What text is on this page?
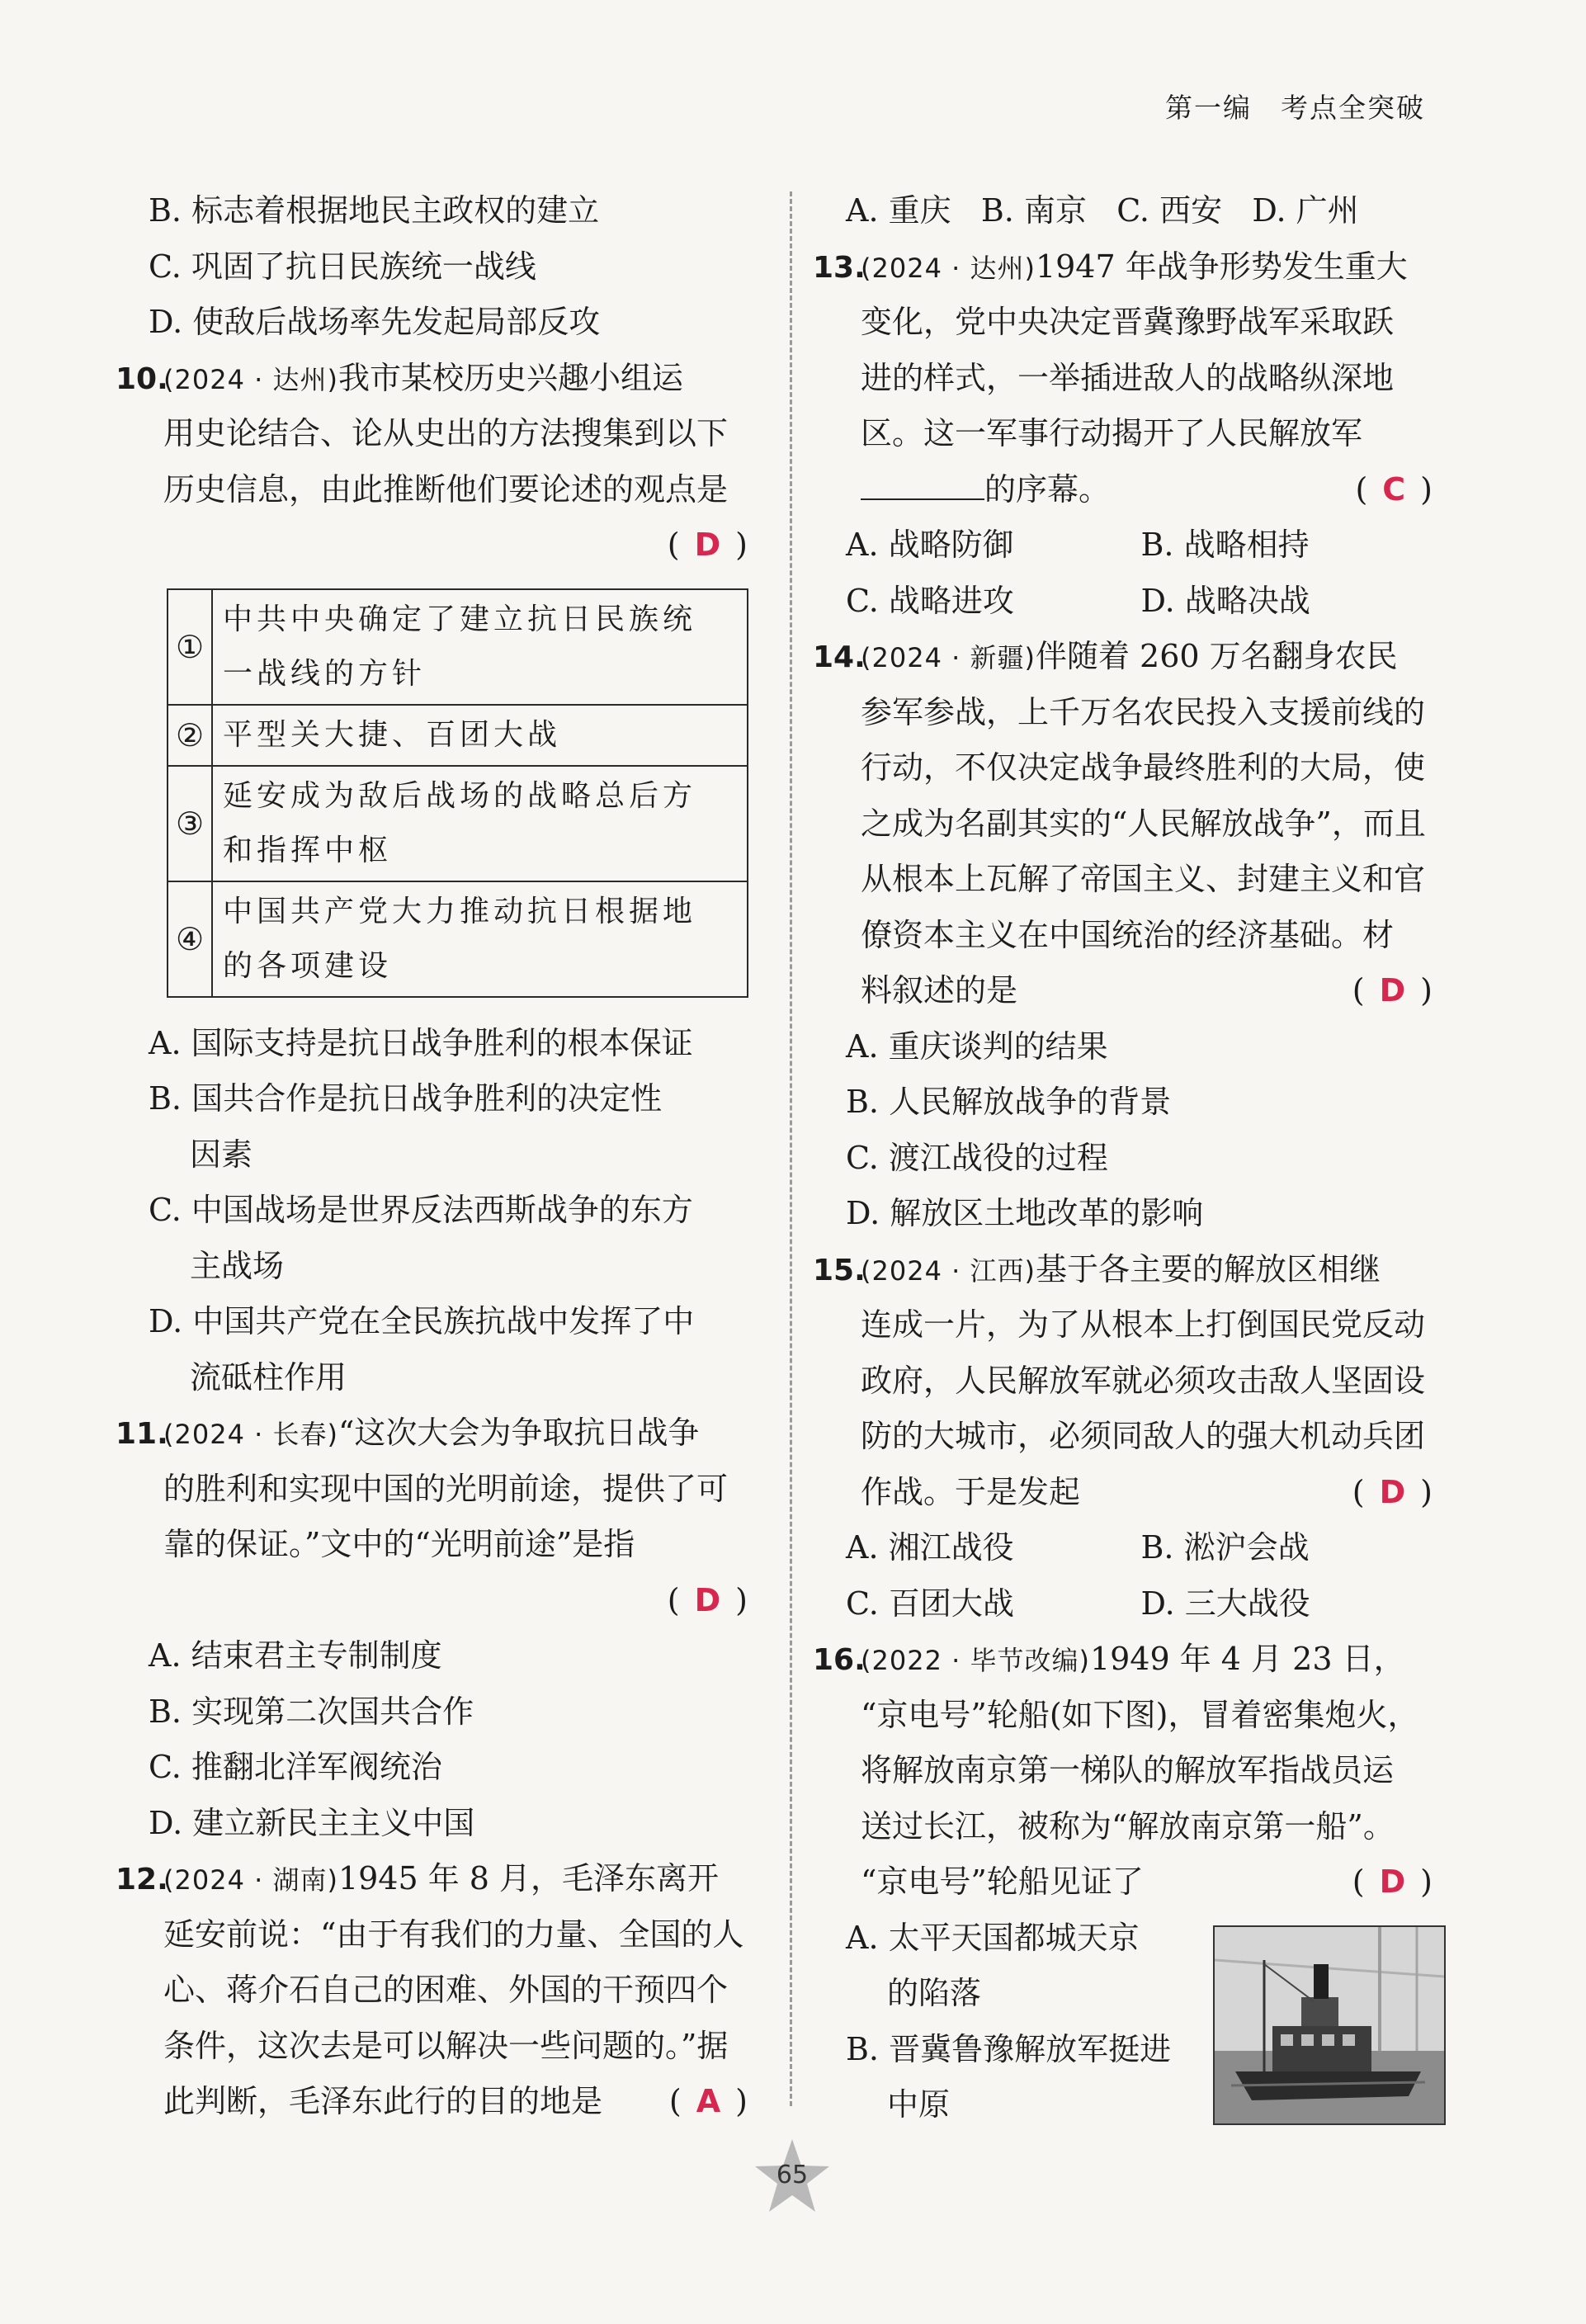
第一编　考点全突破
B. 标志着根据地民主政权的建立
C. 巩固了抗日民族统一战线
D. 使敌后战场率先发起局部反攻
10.(2024 · 达州)我市某校历史兴趣小组运
用史论结合、论从史出的方法搜集到以下
历史信息，由此推断他们要论述的观点是
( D )
①	中共中央确定了建立抗日民族统
一战线的方针

②	平型关大捷、百团大战

③	延安成为敌后战场的战略总后方
和指挥中枢

④	中国共产党大力推动抗日根据地
的各项建设
A. 国际支持是抗日战争胜利的根本保证
B. 国共合作是抗日战争胜利的决定性
因素
C. 中国战场是世界反法西斯战争的东方
主战场
D. 中国共产党在全民族抗战中发挥了中
流砥柱作用
11.(2024 · 长春)“这次大会为争取抗日战争
的胜利和实现中国的光明前途，提供了可
靠的保证。”文中的“光明前途”是指
( D )
A. 结束君主专制制度
B. 实现第二次国共合作
C. 推翻北洋军阀统治
D. 建立新民主主义中国
12.(2024 · 湖南)1945 年 8 月，毛泽东离开
延安前说：“由于有我们的力量、全国的人
心、蒋介石自己的困难、外国的干预四个
条件，这次去是可以解决一些问题的。”据
此判断，毛泽东此行的目的地是 ( A )
A. 重庆 B. 南京 C. 西安 D. 广州
13.(2024 · 达州)1947 年战争形势发生重大
变化，党中央决定晋冀豫野战军采取跃
进的样式，一举插进敌人的战略纵深地
区。这一军事行动揭开了人民解放军
的序幕。	( C )
A. 战略防御	B. 战略相持
C. 战略进攻	D. 战略决战
14.(2024 · 新疆)伴随着 260 万名翻身农民
参军参战，上千万名农民投入支援前线的
行动，不仅决定战争最终胜利的大局，使
之成为名副其实的“人民解放战争”，而且
从根本上瓦解了帝国主义、封建主义和官
僚资本主义在中国统治的经济基础。材
料叙述的是	( D )
A. 重庆谈判的结果
B. 人民解放战争的背景
C. 渡江战役的过程
D. 解放区土地改革的影响
15.(2024 · 江西)基于各主要的解放区相继
连成一片，为了从根本上打倒国民党反动
政府，人民解放军就必须攻击敌人坚固设
防的大城市，必须同敌人的强大机动兵团
作战。于是发起	( D )
A. 湘江战役	B. 淞沪会战
C. 百团大战	D. 三大战役
16.(2022 · 毕节改编)1949 年 4 月 23 日，
“京电号”轮船(如下图)，冒着密集炮火，
将解放南京第一梯队的解放军指战员运
送过长江，被称为“解放南京第一船”。
“京电号”轮船见证了	( D )
A. 太平天国都城天京
的陷落
B. 晋冀鲁豫解放军挺进
中原
65
